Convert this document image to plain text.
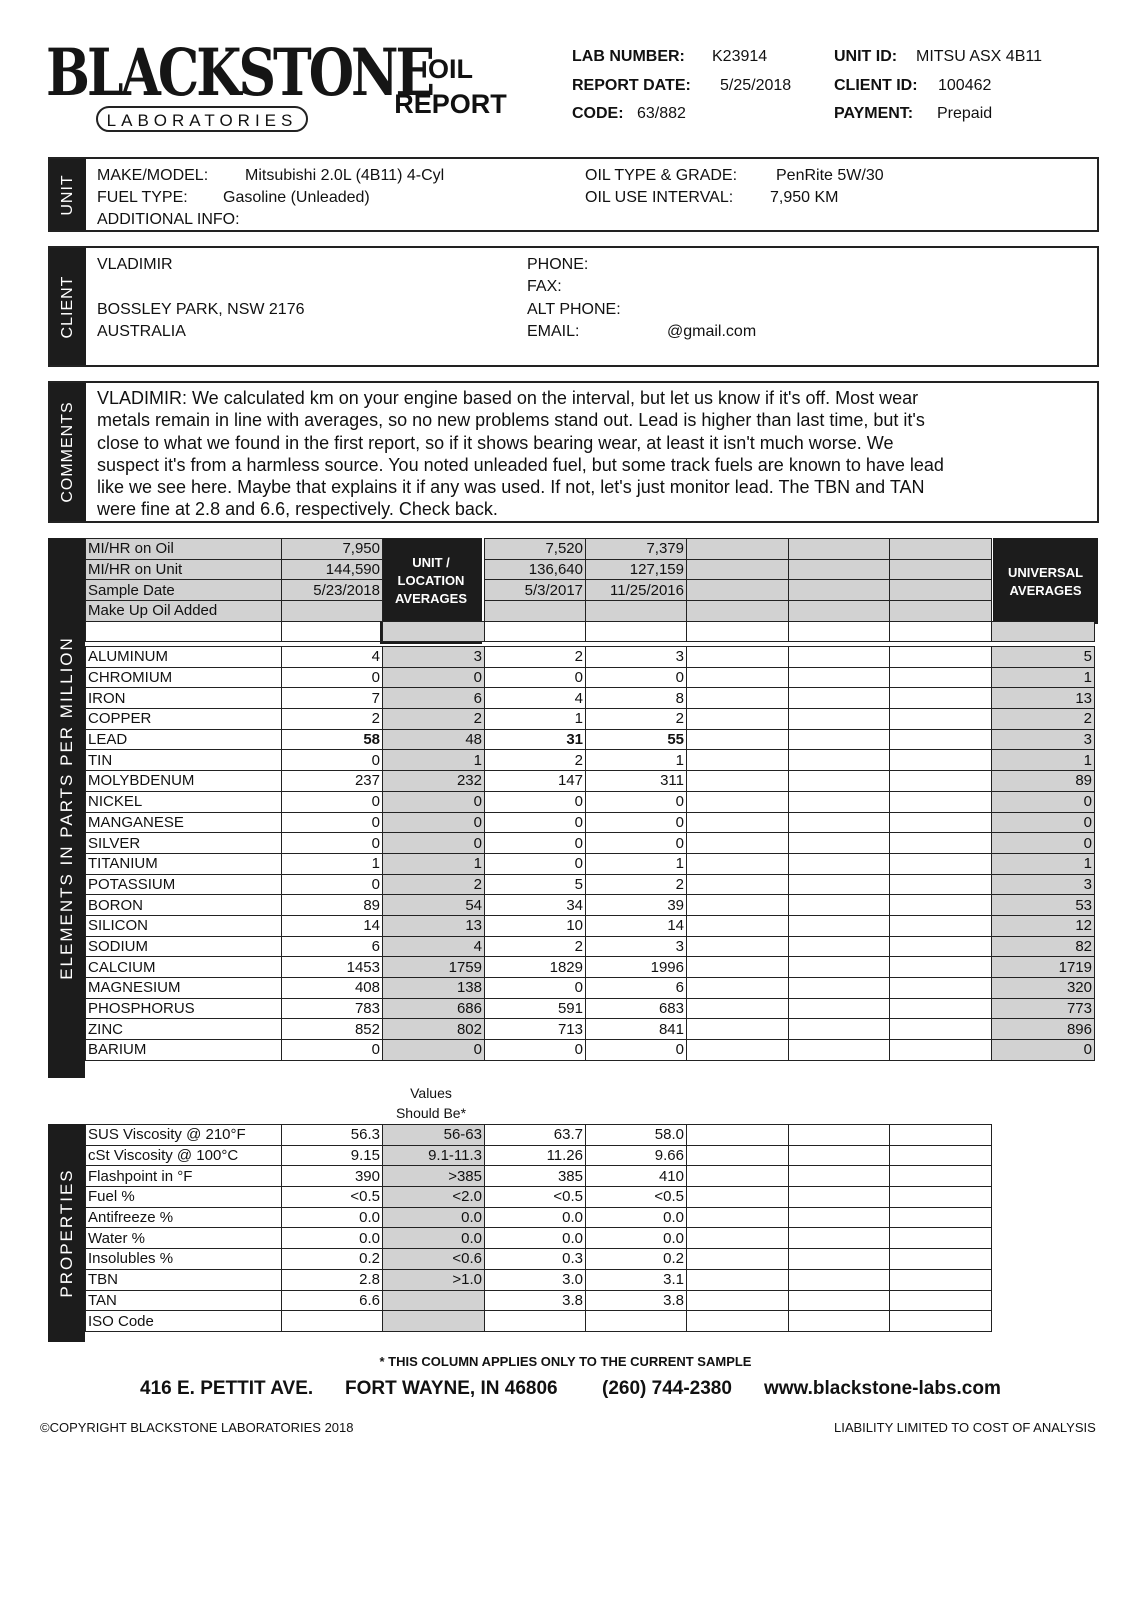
BLACKSTONE
LABORATORIES
OIL
REPORT
LAB NUMBER: K23914
REPORT DATE: 5/25/2018
CODE: 63/882
UNIT ID: MITSU ASX 4B11
CLIENT ID: 100462
PAYMENT: Prepaid
UNIT MAKE/MODEL: Mitsubishi 2.0L (4B11) 4-Cyl
FUEL TYPE: Gasoline (Unleaded)
ADDITIONAL INFO:
OIL TYPE & GRADE: PenRite 5W/30
OIL USE INTERVAL: 7,950 KM
CLIENT
VLADIMIR
BOSSLEY PARK, NSW 2176
AUSTRALIA
PHONE:
FAX:
ALT PHONE:
EMAIL:	@gmail.com
COMMENTS
VLADIMIR: We calculated km on your engine based on the interval, but let us know if it's off. Most wear
metals remain in line with averages, so no new problems stand out. Lead is higher than last time, but it's
close to what we found in the first report, so if it shows bearing wear, at least it isn't much worse. We
suspect it's from a harmless source. You noted unleaded fuel, but some track fuels are known to have lead
like we see here. Maybe that explains it if any was used. If not, let's just monitor lead. The TBN and TAN
were fine at 2.8 and 6.6, respectively. Check back.
ELEMENTS IN PARTS PER MILLION
UNIT /
LOCATION
AVERAGES
UNIVERSAL
AVERAGES
MI/HR on Oil	7,950		7,520	7,379				
MI/HR on Unit	144,590		136,640	127,159				
Sample Date	5/23/2018		5/3/2017	11/25/2016				
Make Up Oil Added								

ALUMINUM	4	3	2	3				5
CHROMIUM	0	0	0	0				1
IRON	7	6	4	8				13
COPPER	2	2	1	2				2
LEAD	58	48	31	55				3
TIN	0	1	2	1				1
MOLYBDENUM	237	232	147	311				89
NICKEL	0	0	0	0				0
MANGANESE	0	0	0	0				0
SILVER	0	0	0	0				0
TITANIUM	1	1	0	1				1
POTASSIUM	0	2	5	2				3
BORON	89	54	34	39				53
SILICON	14	13	10	14				12
SODIUM	6	4	2	3				82
CALCIUM	1453	1759	1829	1996				1719
MAGNESIUM	408	138	0	6				320
PHOSPHORUS	783	686	591	683				773
ZINC	852	802	713	841				896
BARIUM	0	0	0	0				0
Values
Should Be*
PROPERTIES
SUS Viscosity @ 210°F	56.3	56-63	63.7	58.0			
cSt Viscosity @ 100°C	9.15	9.1-11.3	11.26	9.66			
Flashpoint in °F	390	>385	385	410			
Fuel %	<0.5	<2.0	<0.5	<0.5			
Antifreeze %	0.0	0.0	0.0	0.0			
Water %	0.0	0.0	0.0	0.0			
Insolubles %	0.2	<0.6	0.3	0.2			
TBN	2.8	>1.0	3.0	3.1			
TAN	6.6		3.8	3.8			
ISO Code							
* THIS COLUMN APPLIES ONLY TO THE CURRENT SAMPLE
416 E. PETTIT AVE. FORT WAYNE, IN 46806 (260) 744-2380 www.blackstone-labs.com
©COPYRIGHT BLACKSTONE LABORATORIES 2018	LIABILITY LIMITED TO COST OF ANALYSIS
